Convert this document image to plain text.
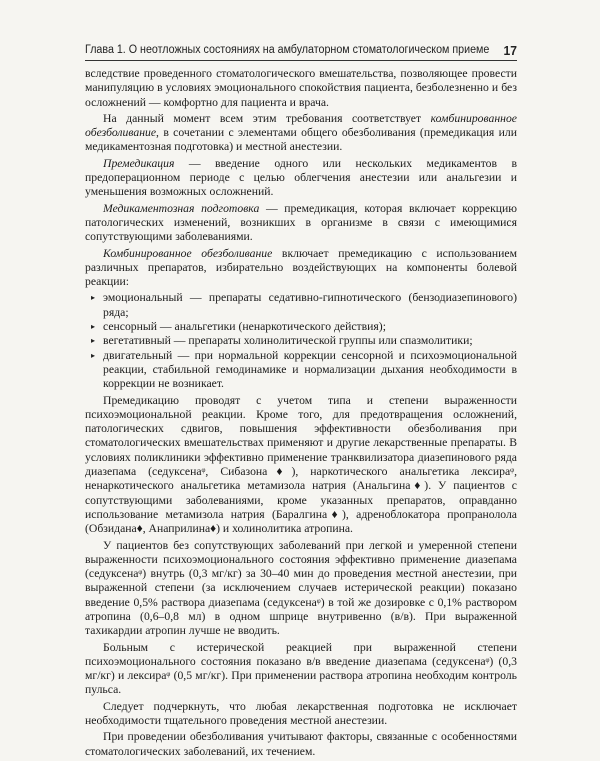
Глава 1. О неотложных состояниях на амбулаторном стоматологическом приеме 17

вследствие проведенного стоматологического вмешательства, позволяющее провести манипуляцию в условиях эмоционального спокойствия пациента, безболезненно и без осложнений — комфортно для пациента и врача.

На данный момент всем этим требования соответствует комбинированное обезболивание, в сочетании с элементами общего обезболивания (премедикация или медикаментозная подготовка) и местной анестезии.

Премедикация — введение одного или нескольких медикаментов в предоперационном периоде с целью облегчения анестезии или анальгезии и уменьшения возможных осложнений.

Медикаментозная подготовка — премедикация, которая включает коррекцию патологических изменений, возникших в организме в связи с имеющимися сопутствующими заболеваниями.

Комбинированное обезболивание включает премедикацию с использованием различных препаратов, избирательно воздействующих на компоненты болевой реакции:

▸ эмоциональный — препараты седативно-гипнотического (бензодиазепинового) ряда;
▸ сенсорный — анальгетики (ненаркотического действия);
▸ вегетативный — препараты холинолитической группы или спазмолитики;
▸ двигательный — при нормальной коррекции сенсорной и психоэмоциональной реакции, стабильной гемодинамике и нормализации дыхания необходимости в коррекции не возникает.

Премедикацию проводят с учетом типа и степени выраженности психоэмоциональной реакции. Кроме того, для предотвращения осложнений, патологических сдвигов, повышения эффективности обезболивания при стоматологических вмешательствах применяют и другие лекарственные препараты. В условиях поликлиники эффективно применение транквилизатора диазепинового ряда диазепама (седуксенаᵠ, Сибазона♦), наркотического анальгетика лексираᵠ, ненаркотического анальгетика метамизола натрия (Анальгина♦). У пациентов с сопутствующими заболеваниями, кроме указанных препаратов, оправданно использование метамизола натрия (Баралгина♦), адреноблокатора пропранолола (Обзидана♦, Анаприлина♦) и холинолитика атропина.

У пациентов без сопутствующих заболеваний при легкой и умеренной степени выраженности психоэмоционального состояния эффективно применение диазепама (седуксенаᵠ) внутрь (0,3 мг/кг) за 30–40 мин до проведения местной анестезии, при выраженной степени (за исключением случаев истерической реакции) показано введение 0,5% раствора диазепама (седуксенаᵠ) в той же дозировке с 0,1% раствором атропина (0,6–0,8 мл) в одном шприце внутривенно (в/в). При выраженной тахикардии атропин лучше не вводить.

Больным с истерической реакцией при выраженной степени психоэмоционального состояния показано в/в введение диазепама (седуксенаᵠ) (0,3 мг/кг) и лексираᵠ (0,5 мг/кг). При применении раствора атропина необходим контроль пульса.

Следует подчеркнуть, что любая лекарственная подготовка не исключает необходимости тщательного проведения местной анестезии.

При проведении обезболивания учитывают факторы, связанные с особенностями стоматологических заболеваний, их течением.
